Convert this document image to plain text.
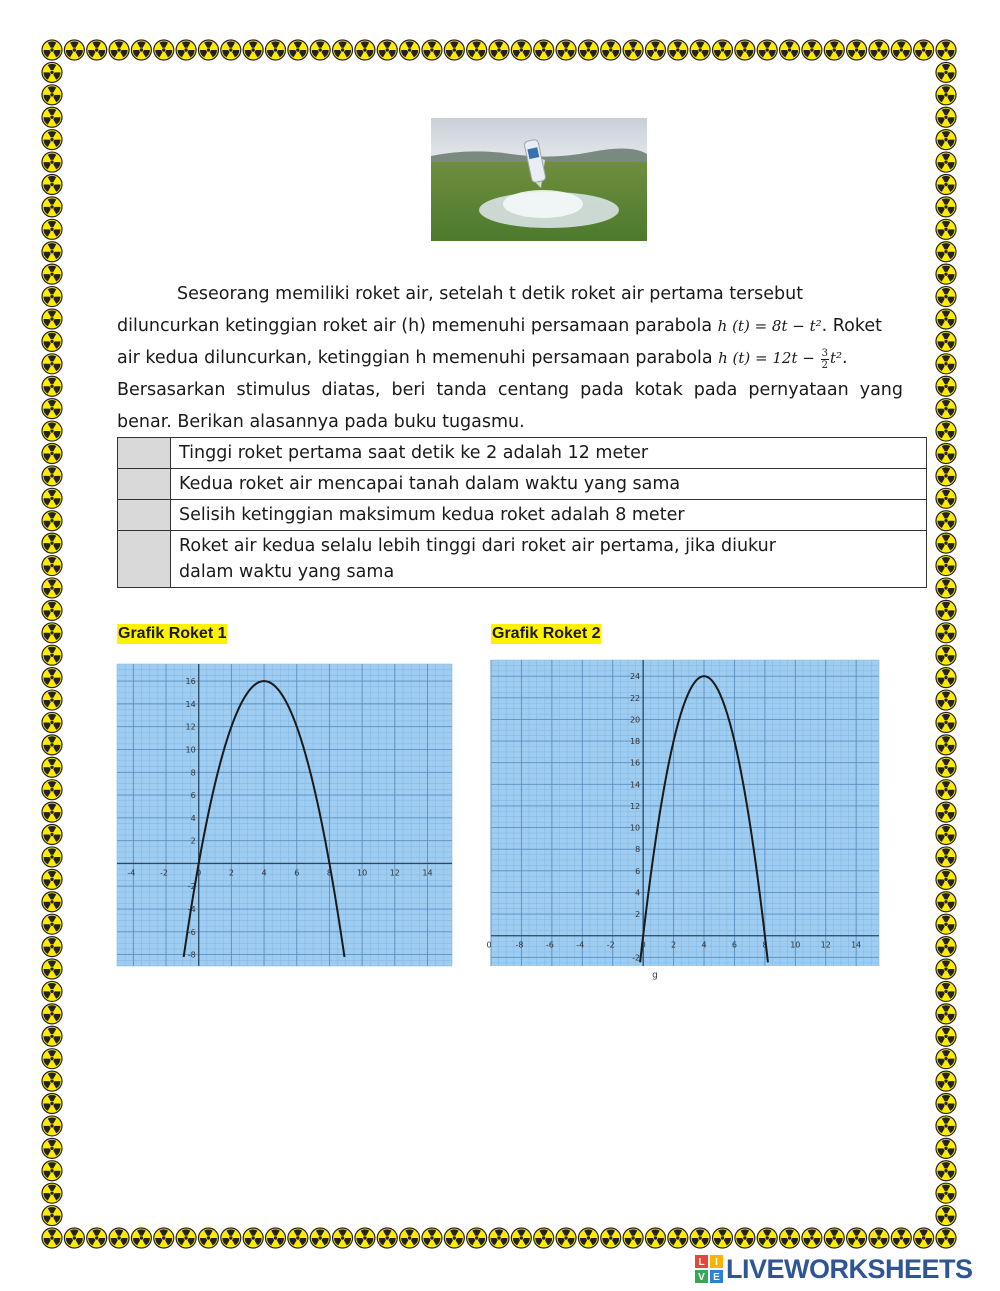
Seseorang memiliki roket air, setelah t detik roket air pertama tersebut
diluncurkan ketinggian roket air (h) memenuhi persamaan parabola h (t) = 8t − t². Roket
air kedua diluncurkan, ketinggian h memenuhi persamaan parabola h $(t) = 12t - \frac{3}{2} t^2$.
Bersasarkan stimulus diatas, beri tanda centang pada kotak pada pernyataan yang benar. Berikan alasannya pada buku tugasmu.
	Tinggi roket pertama saat detik ke 2 adalah 12 meter
	Kedua roket air mencapai tanah dalam waktu yang sama
	Selisih ketinggian maksimum kedua roket adalah 8 meter
	Roket air kedua selalu lebih tinggi dari roket air pertama, jika diukur dalam waktu yang sama
Grafik Roket 1	Grafik Roket 2
-4	-2	0	2	4	6	8	10	12	14
-8
-6
-4
-2
2
4
6
8
10
12
14
16
0	-8	-6	-4	-2	0	2	4	6	8	10	12	14
-2
2
4
6
8
10
12
14
16
18
20
22
24
g
L I
V E LIVEWORKSHEETS
